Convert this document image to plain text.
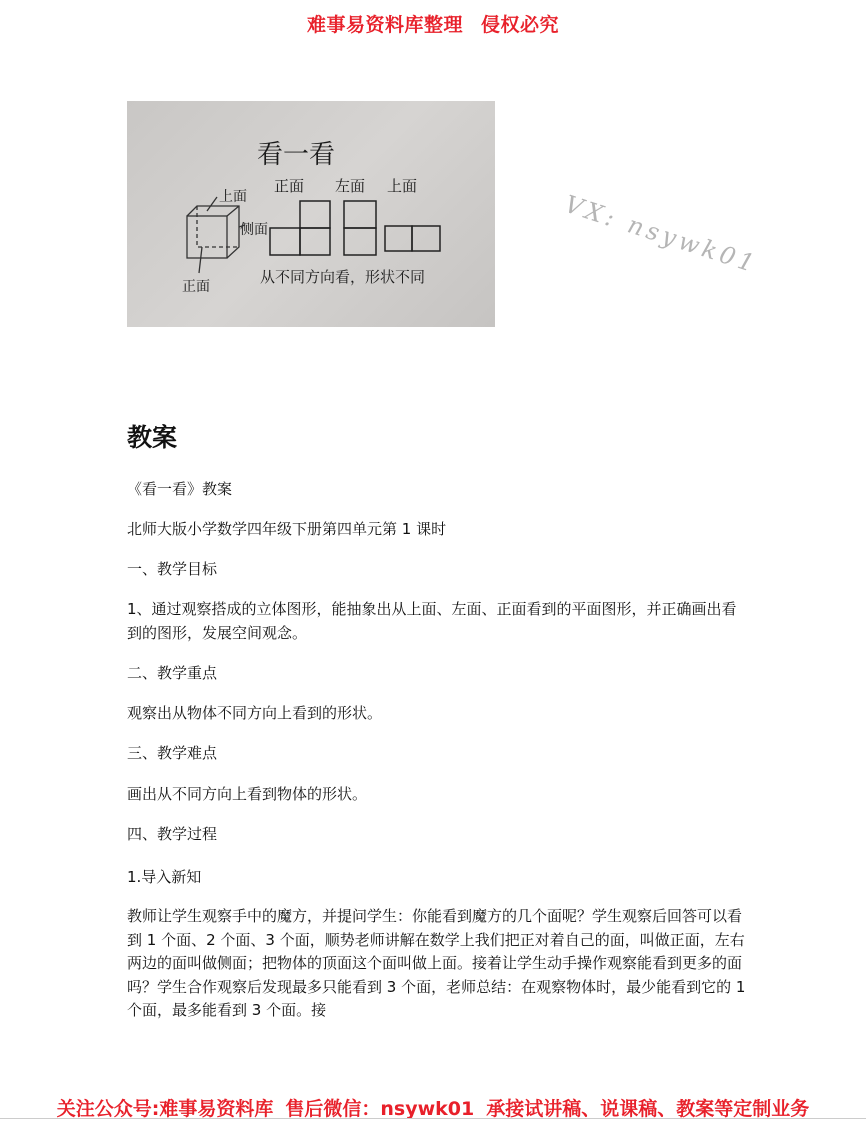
难事易资料库整理 侵权必究
看一看
正面 左面 上面
上面
侧面
正面
从不同方向看，形状不同	VX: nsywk01
教案
《看一看》教案
北师大版小学数学四年级下册第四单元第 1 课时
一、教学目标
1、通过观察搭成的立体图形，能抽象出从上面、左面、正面看到的平面图形，并正确画出看到的图形，发展空间观念。
二、教学重点
观察出从物体不同方向上看到的形状。
三、教学难点
画出从不同方向上看到物体的形状。
四、教学过程
1.导入新知
教师让学生观察手中的魔方，并提问学生：你能看到魔方的几个面呢？学生观察后回答可以看到 1 个面、2 个面、3 个面，顺势老师讲解在数学上我们把正对着自己的面，叫做正面，左右两边的面叫做侧面；把物体的顶面这个面叫做上面。接着让学生动手操作观察能看到更多的面吗？学生合作观察后发现最多只能看到 3 个面，老师总结：在观察物体时，最少能看到它的 1 个面，最多能看到 3 个面。接
关注公众号:难事易资料库 售后微信：nsywk01 承接试讲稿、说课稿、教案等定制业务
